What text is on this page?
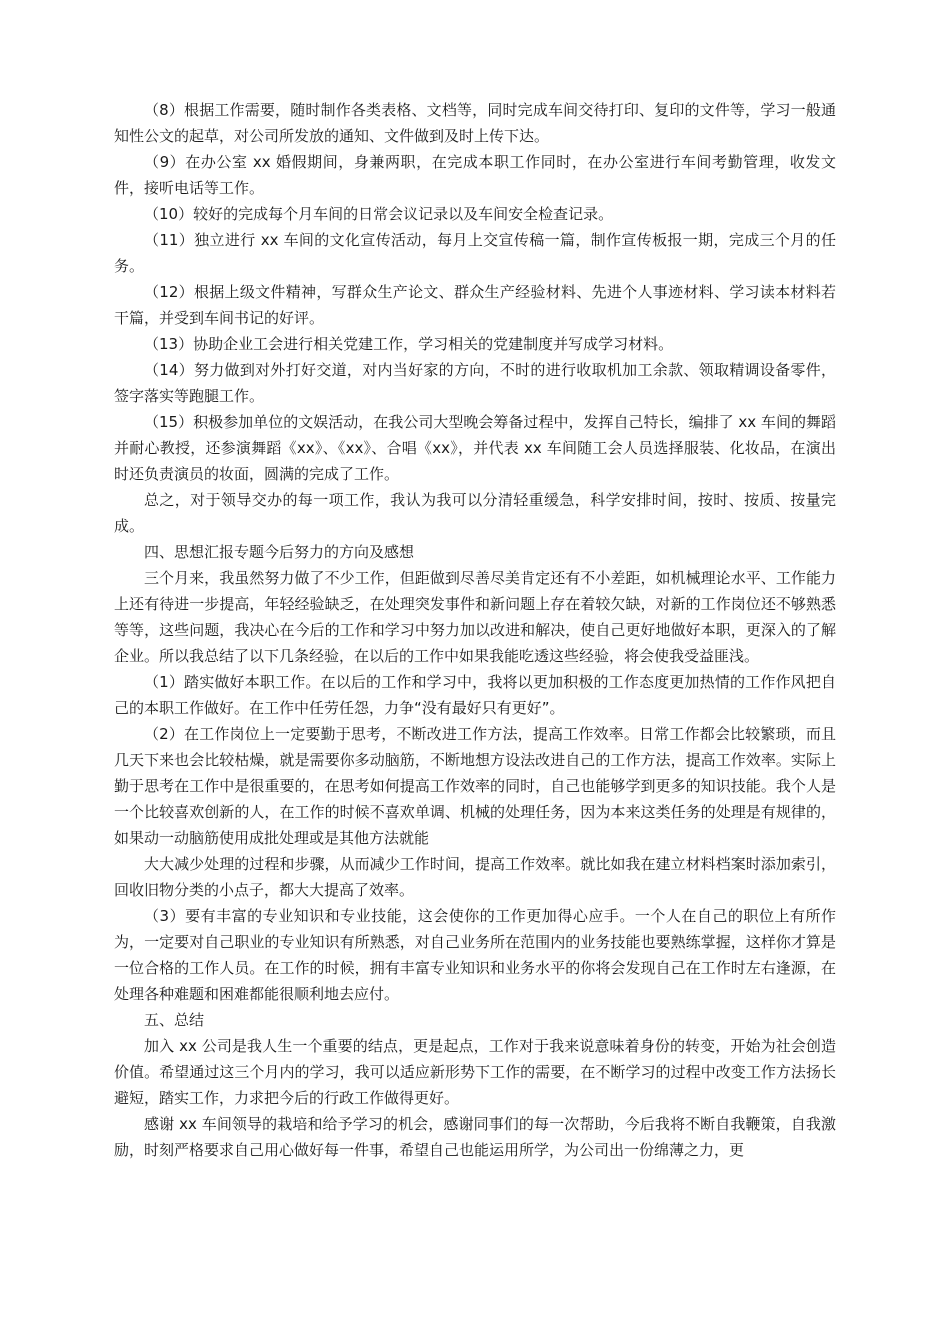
（8）根据工作需要，随时制作各类表格、文档等，同时完成车间交待打印、复印的文件等，学习一般通知性公文的起草，对公司所发放的通知、文件做到及时上传下达。

（9）在办公室 xx 婚假期间，身兼两职，在完成本职工作同时，在办公室进行车间考勤管理，收发文件，接听电话等工作。

（10）较好的完成每个月车间的日常会议记录以及车间安全检查记录。

（11）独立进行 xx 车间的文化宣传活动，每月上交宣传稿一篇，制作宣传板报一期，完成三个月的任务。

（12）根据上级文件精神，写群众生产论文、群众生产经验材料、先进个人事迹材料、学习读本材料若干篇，并受到车间书记的好评。

（13）协助企业工会进行相关党建工作，学习相关的党建制度并写成学习材料。

（14）努力做到对外打好交道，对内当好家的方向，不时的进行收取机加工余款、领取精调设备零件，签字落实等跑腿工作。

（15）积极参加单位的文娱活动，在我公司大型晚会筹备过程中，发挥自己特长，编排了 xx 车间的舞蹈并耐心教授，还参演舞蹈《xx》、《xx》、合唱《xx》，并代表 xx 车间随工会人员选择服装、化妆品，在演出时还负责演员的妆面，圆满的完成了工作。

总之，对于领导交办的每一项工作，我认为我可以分清轻重缓急，科学安排时间，按时、按质、按量完成。

四、思想汇报专题今后努力的方向及感想

三个月来，我虽然努力做了不少工作，但距做到尽善尽美肯定还有不小差距，如机械理论水平、工作能力上还有待进一步提高，年轻经验缺乏，在处理突发事件和新问题上存在着较欠缺，对新的工作岗位还不够熟悉等等，这些问题，我决心在今后的工作和学习中努力加以改进和解决，使自己更好地做好本职，更深入的了解企业。所以我总结了以下几条经验，在以后的工作中如果我能吃透这些经验，将会使我受益匪浅。

（1）踏实做好本职工作。在以后的工作和学习中，我将以更加积极的工作态度更加热情的工作作风把自己的本职工作做好。在工作中任劳任怨，力争“没有最好只有更好”。

（2）在工作岗位上一定要勤于思考，不断改进工作方法，提高工作效率。日常工作都会比较繁琐，而且几天下来也会比较枯燥，就是需要你多动脑筋，不断地想方设法改进自己的工作方法，提高工作效率。实际上勤于思考在工作中是很重要的，在思考如何提高工作效率的同时，自己也能够学到更多的知识技能。我个人是一个比较喜欢创新的人，在工作的时候不喜欢单调、机械的处理任务，因为本来这类任务的处理是有规律的，如果动一动脑筋使用成批处理或是其他方法就能

大大减少处理的过程和步骤，从而减少工作时间，提高工作效率。就比如我在建立材料档案时添加索引，回收旧物分类的小点子，都大大提高了效率。

（3）要有丰富的专业知识和专业技能，这会使你的工作更加得心应手。一个人在自己的职位上有所作为，一定要对自己职业的专业知识有所熟悉，对自己业务所在范围内的业务技能也要熟练掌握，这样你才算是一位合格的工作人员。在工作的时候，拥有丰富专业知识和业务水平的你将会发现自己在工作时左右逢源，在处理各种难题和困难都能很顺利地去应付。

五、总结

加入 xx 公司是我人生一个重要的结点，更是起点，工作对于我来说意味着身份的转变，开始为社会创造价值。希望通过这三个月内的学习，我可以适应新形势下工作的需要，在不断学习的过程中改变工作方法扬长避短，踏实工作，力求把今后的行政工作做得更好。

感谢 xx 车间领导的栽培和给予学习的机会，感谢同事们的每一次帮助，今后我将不断自我鞭策，自我激励，时刻严格要求自己用心做好每一件事，希望自己也能运用所学，为公司出一份绵薄之力，更
